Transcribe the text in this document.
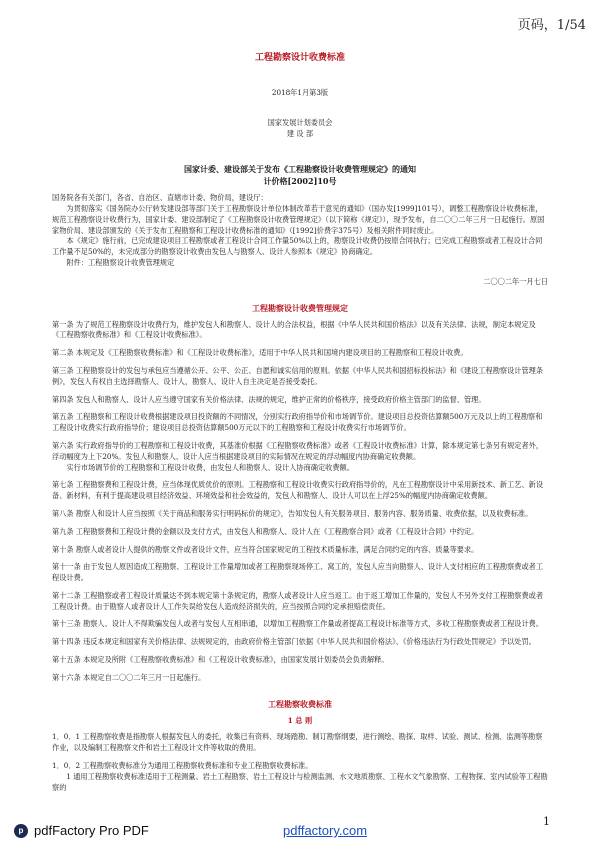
页码，1/54
工程勘察设计收费标准
2018年1月第3版
国家发展计划委员会
建 设 部
国家计委、建设部关于发布《工程勘察设计收费管理规定》的通知
计价格[2002]10号

国务院各有关部门，各省、自治区、直辖市计委、物价局，建设厅：

为贯彻落实《国务院办公厅转发建设部等部门关于工程勘察设计单位体制改革若干意见的通知》（国办发[1999]101号），调整工程勘察设计收费标准，规范工程勘察设计收费行为，国家计委、建设部制定了《工程勘察设计收费管理规定》（以下简称《规定》），现予发布，自二〇〇二年三月一日起施行。原国家物价局、建设部颁发的《关于发布工程勘察和工程设计收费标准的通知》（[1992]价费字375号）及相关附件同时废止。

本《规定》施行前，已完成建设项目工程勘察或者工程设计合同工作量50%以上的，勘察设计收费仍按原合同执行；已完成工程勘察或者工程设计合同工作量不足50%的，未完成部分的勘察设计收费由发包人与勘察人、设计人参照本《规定》协商确定。

附件：工程勘察设计收费管理规定

二〇〇二年一月七日
工程勘察设计收费管理规定

第一条 为了规范工程勘察设计收费行为，维护发包人和勘察人、设计人的合法权益，根据《中华人民共和国价格法》以及有关法律、法规，制定本规定及《工程勘察收费标准》和《工程设计收费标准》。

第二条 本规定及《工程勘察收费标准》和《工程设计收费标准》，适用于中华人民共和国境内建设项目的工程勘察和工程设计收费。

第三条 工程勘察设计的发包与承包应当遵循公开、公平、公正、自愿和诚实信用的原则。依据《中华人民共和国招标投标法》和《建设工程勘察设计管理条例》，发包人有权自主选择勘察人、设计人，勘察人、设计人自主决定是否接受委托。

第四条 发包人和勘察人、设计人应当遵守国家有关价格法律、法规的规定，维护正常的价格秩序，接受政府价格主管部门的监督、管理。

第五条 工程勘察和工程设计收费根据建设项目投资额的不同情况，分别实行政府指导价和市场调节价。建设项目总投资估算额500万元及以上的工程勘察和工程设计收费实行政府指导价；建设项目总投资估算额500万元以下的工程勘察和工程设计收费实行市场调节价。

第六条 实行政府指导价的工程勘察和工程设计收费，其基准价根据《工程勘察收费标准》或者《工程设计收费标准》计算，除本规定第七条另有规定者外，浮动幅度为上下20%。发包人和勘察人、设计人应当根据建设项目的实际情况在规定的浮动幅度内协商确定收费额。

实行市场调节价的工程勘察和工程设计收费，由发包人和勘察人、设计人协商确定收费额。

第七条 工程勘察费和工程设计费，应当体现优质优价的原则。工程勘察和工程设计收费实行政府指导价的，凡在工程勘察设计中采用新技术、新工艺、新设备、新材料，有利于提高建设项目经济效益、环境效益和社会效益的，发包人和勘察人、设计人可以在上浮25%的幅度内协商确定收费额。

第八条 勘察人和设计人应当按照《关于商品和服务实行明码标价的规定》，告知发包人有关服务项目、服务内容、服务质量、收费依据，以及收费标准。

第九条 工程勘察费和工程设计费的金额以及支付方式，由发包人和勘察人、设计人在《工程勘察合同》或者《工程设计合同》中约定。

第十条 勘察人或者设计人提供的勘察文件或者设计文件，应当符合国家规定的工程技术质量标准，满足合同约定的内容、质量等要求。

第十一条 由于发包人原因造成工程勘察、工程设计工作量增加或者工程勘察现场停工、窝工的，发包人应当向勘察人、设计人支付相应的工程勘察费或者工程设计费。

第十二条 工程勘察或者工程设计质量达不到本规定第十条规定的，勘察人或者设计人应当返工。由于返工增加工作量的，发包人不另外支付工程勘察费或者工程设计费。由于勘察人或者设计人工作失误给发包人造成经济损失的，应当按照合同约定承担赔偿责任。

第十三条 勘察人、设计人不得欺骗发包人或者与发包人互相串通，以增加工程勘察工作量或者提高工程设计标准等方式，多收工程勘察费或者工程设计费。

第十四条 违反本规定和国家有关价格法律、法规规定的，由政府价格主管部门依据《中华人民共和国价格法》、《价格违法行为行政处罚规定》予以处罚。

第十五条 本规定及所附《工程勘察收费标准》和《工程设计收费标准》，由国家发展计划委员会负责解释。

第十六条 本规定自二〇〇二年三月一日起施行。

工程勘察收费标准
1 总 则

1．0．1 工程勘察收费是指勘察人根据发包人的委托，收集已有资料、现场踏勘、制订勘察纲要，进行测绘、勘探、取样、试验、测试、检测、监测等勘察作业，以及编制工程勘察文件和岩土工程设计文件等收取的费用。

1．0．2 工程勘察收费标准分为通用工程勘察收费标准和专业工程勘察收费标准。

1 通用工程勘察收费标准适用于工程测量、岩土工程勘察、岩土工程设计与检测监测、水文地质勘察、工程水文气象勘察、工程物探、室内试验等工程勘察的

p pdfFactory Pro PDF	pdffactory.com
1
